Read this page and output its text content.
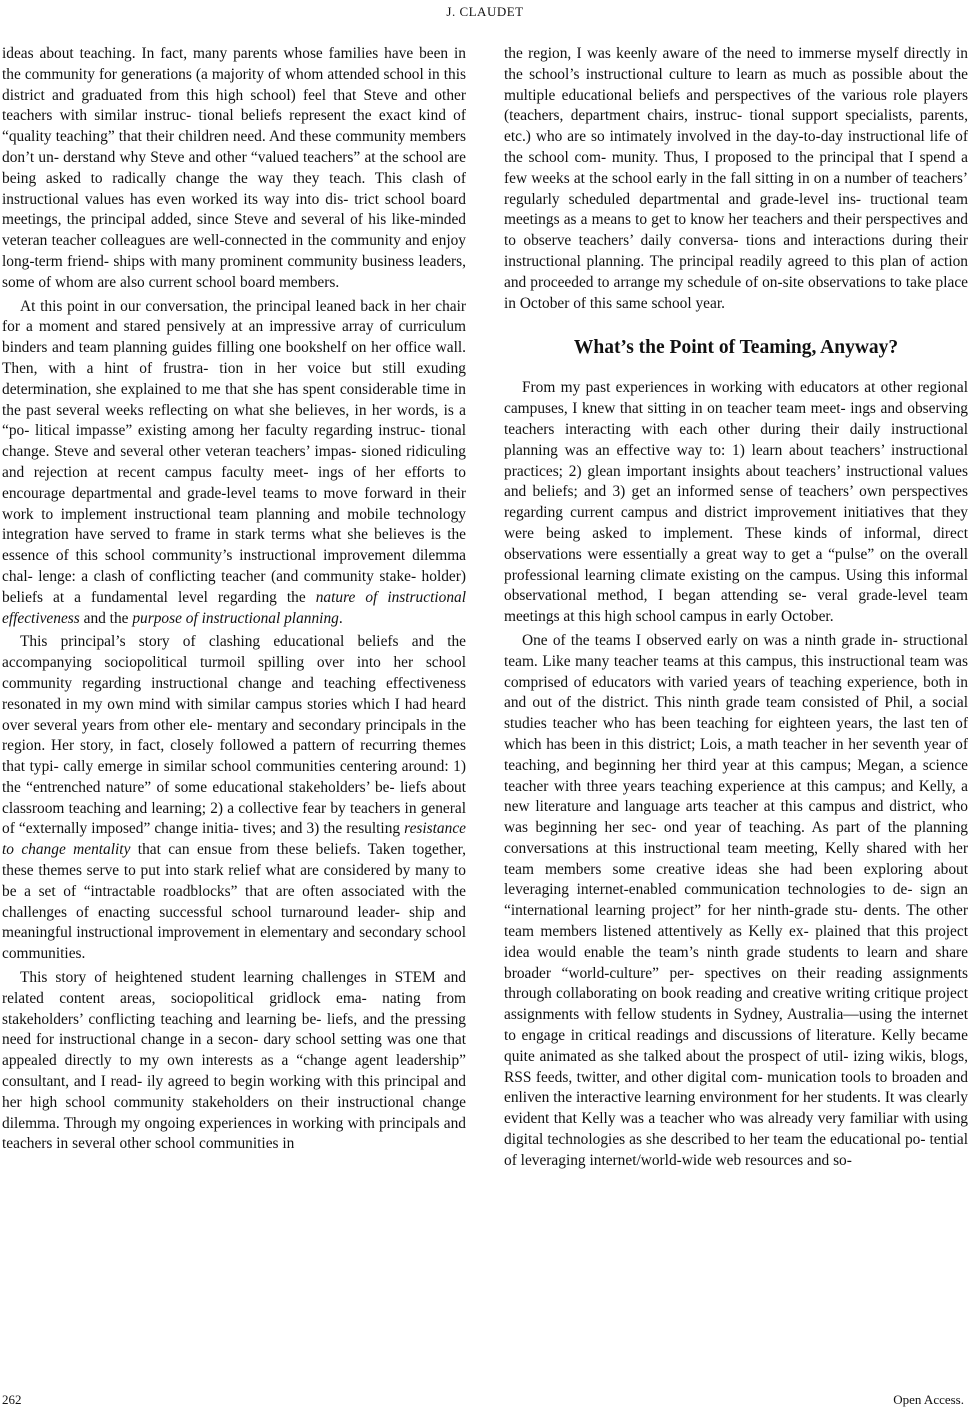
J. CLAUDET

ideas about teaching. In fact, many parents whose families have been in the community for generations (a majority of whom attended school in this district and graduated from this high school) feel that Steve and other teachers with similar instruc- tional beliefs represent the exact kind of “quality teaching” that their children need. And these community members don’t un- derstand why Steve and other “valued teachers” at the school are being asked to radically change the way they teach. This clash of instructional values has even worked its way into dis- trict school board meetings, the principal added, since Steve and several of his like-minded veteran teacher colleagues are well-connected in the community and enjoy long-term friend- ships with many prominent community business leaders, some of whom are also current school board members.

At this point in our conversation, the principal leaned back in her chair for a moment and stared pensively at an impressive array of curriculum binders and team planning guides filling one bookshelf on her office wall. Then, with a hint of frustra- tion in her voice but still exuding determination, she explained to me that she has spent considerable time in the past several weeks reflecting on what she believes, in her words, is a “po- litical impasse” existing among her faculty regarding instruc- tional change. Steve and several other veteran teachers’ impas- sioned ridiculing and rejection at recent campus faculty meet- ings of her efforts to encourage departmental and grade-level teams to move forward in their work to implement instructional team planning and mobile technology integration have served to frame in stark terms what she believes is the essence of this school community’s instructional improvement dilemma chal- lenge: a clash of conflicting teacher (and community stake- holder) beliefs at a fundamental level regarding the nature of instructional effectiveness and the purpose of instructional planning.

This principal’s story of clashing educational beliefs and the accompanying sociopolitical turmoil spilling over into her school community regarding instructional change and teaching effectiveness resonated in my own mind with similar campus stories which I had heard over several years from other ele- mentary and secondary principals in the region. Her story, in fact, closely followed a pattern of recurring themes that typi- cally emerge in similar school communities centering around: 1) the “entrenched nature” of some educational stakeholders’ be- liefs about classroom teaching and learning; 2) a collective fear by teachers in general of “externally imposed” change initia- tives; and 3) the resulting resistance to change mentality that can ensue from these beliefs. Taken together, these themes serve to put into stark relief what are considered by many to be a set of “intractable roadblocks” that are often associated with the challenges of enacting successful school turnaround leader- ship and meaningful instructional improvement in elementary and secondary school communities.

This story of heightened student learning challenges in STEM and related content areas, sociopolitical gridlock ema- nating from stakeholders’ conflicting teaching and learning be- liefs, and the pressing need for instructional change in a secon- dary school setting was one that appealed directly to my own interests as a “change agent leadership” consultant, and I read- ily agreed to begin working with this principal and her high school community stakeholders on their instructional change dilemma. Through my ongoing experiences in working with principals and teachers in several other school communities in

the region, I was keenly aware of the need to immerse myself directly in the school’s instructional culture to learn as much as possible about the multiple educational beliefs and perspectives of the various role players (teachers, department chairs, instruc- tional support specialists, parents, etc.) who are so intimately involved in the day-to-day instructional life of the school com- munity. Thus, I proposed to the principal that I spend a few weeks at the school early in the fall sitting in on a number of teachers’ regularly scheduled departmental and grade-level ins- tructional team meetings as a means to get to know her teachers and their perspectives and to observe teachers’ daily conversa- tions and interactions during their instructional planning. The principal readily agreed to this plan of action and proceeded to arrange my schedule of on-site observations to take place in October of this same school year.

What’s the Point of Teaming, Anyway?

From my past experiences in working with educators at other regional campuses, I knew that sitting in on teacher team meet- ings and observing teachers interacting with each other during their daily instructional planning was an effective way to: 1) learn about teachers’ instructional practices; 2) glean important insights about teachers’ instructional values and beliefs; and 3) get an informed sense of teachers’ own perspectives regarding current campus and district improvement initiatives that they were being asked to implement. These kinds of informal, direct observations were essentially a great way to get a “pulse” on the overall professional learning climate existing on the campus. Using this informal observational method, I began attending se- veral grade-level team meetings at this high school campus in early October.

One of the teams I observed early on was a ninth grade in- structional team. Like many teacher teams at this campus, this instructional team was comprised of educators with varied years of teaching experience, both in and out of the district. This ninth grade team consisted of Phil, a social studies teacher who has been teaching for eighteen years, the last ten of which has been in this district; Lois, a math teacher in her seventh year of teaching, and beginning her third year at this campus; Megan, a science teacher with three years teaching experience at this campus; and Kelly, a new literature and language arts teacher at this campus and district, who was beginning her sec- ond year of teaching. As part of the planning conversations at this instructional team meeting, Kelly shared with her team members some creative ideas she had been exploring about leveraging internet-enabled communication technologies to de- sign an “international learning project” for her ninth-grade stu- dents. The other team members listened attentively as Kelly ex- plained that this project idea would enable the team’s ninth grade students to learn and share broader “world-culture” per- spectives on their reading assignments through collaborating on book reading and creative writing critique project assignments with fellow students in Sydney, Australia—using the internet to engage in critical readings and discussions of literature. Kelly became quite animated as she talked about the prospect of util- izing wikis, blogs, RSS feeds, twitter, and other digital com- munication tools to broaden and enliven the interactive learning environment for her students. It was clearly evident that Kelly was a teacher who was already very familiar with using digital technologies as she described to her team the educational po- tential of leveraging internet/world-wide web resources and so-

262	Open Access.
